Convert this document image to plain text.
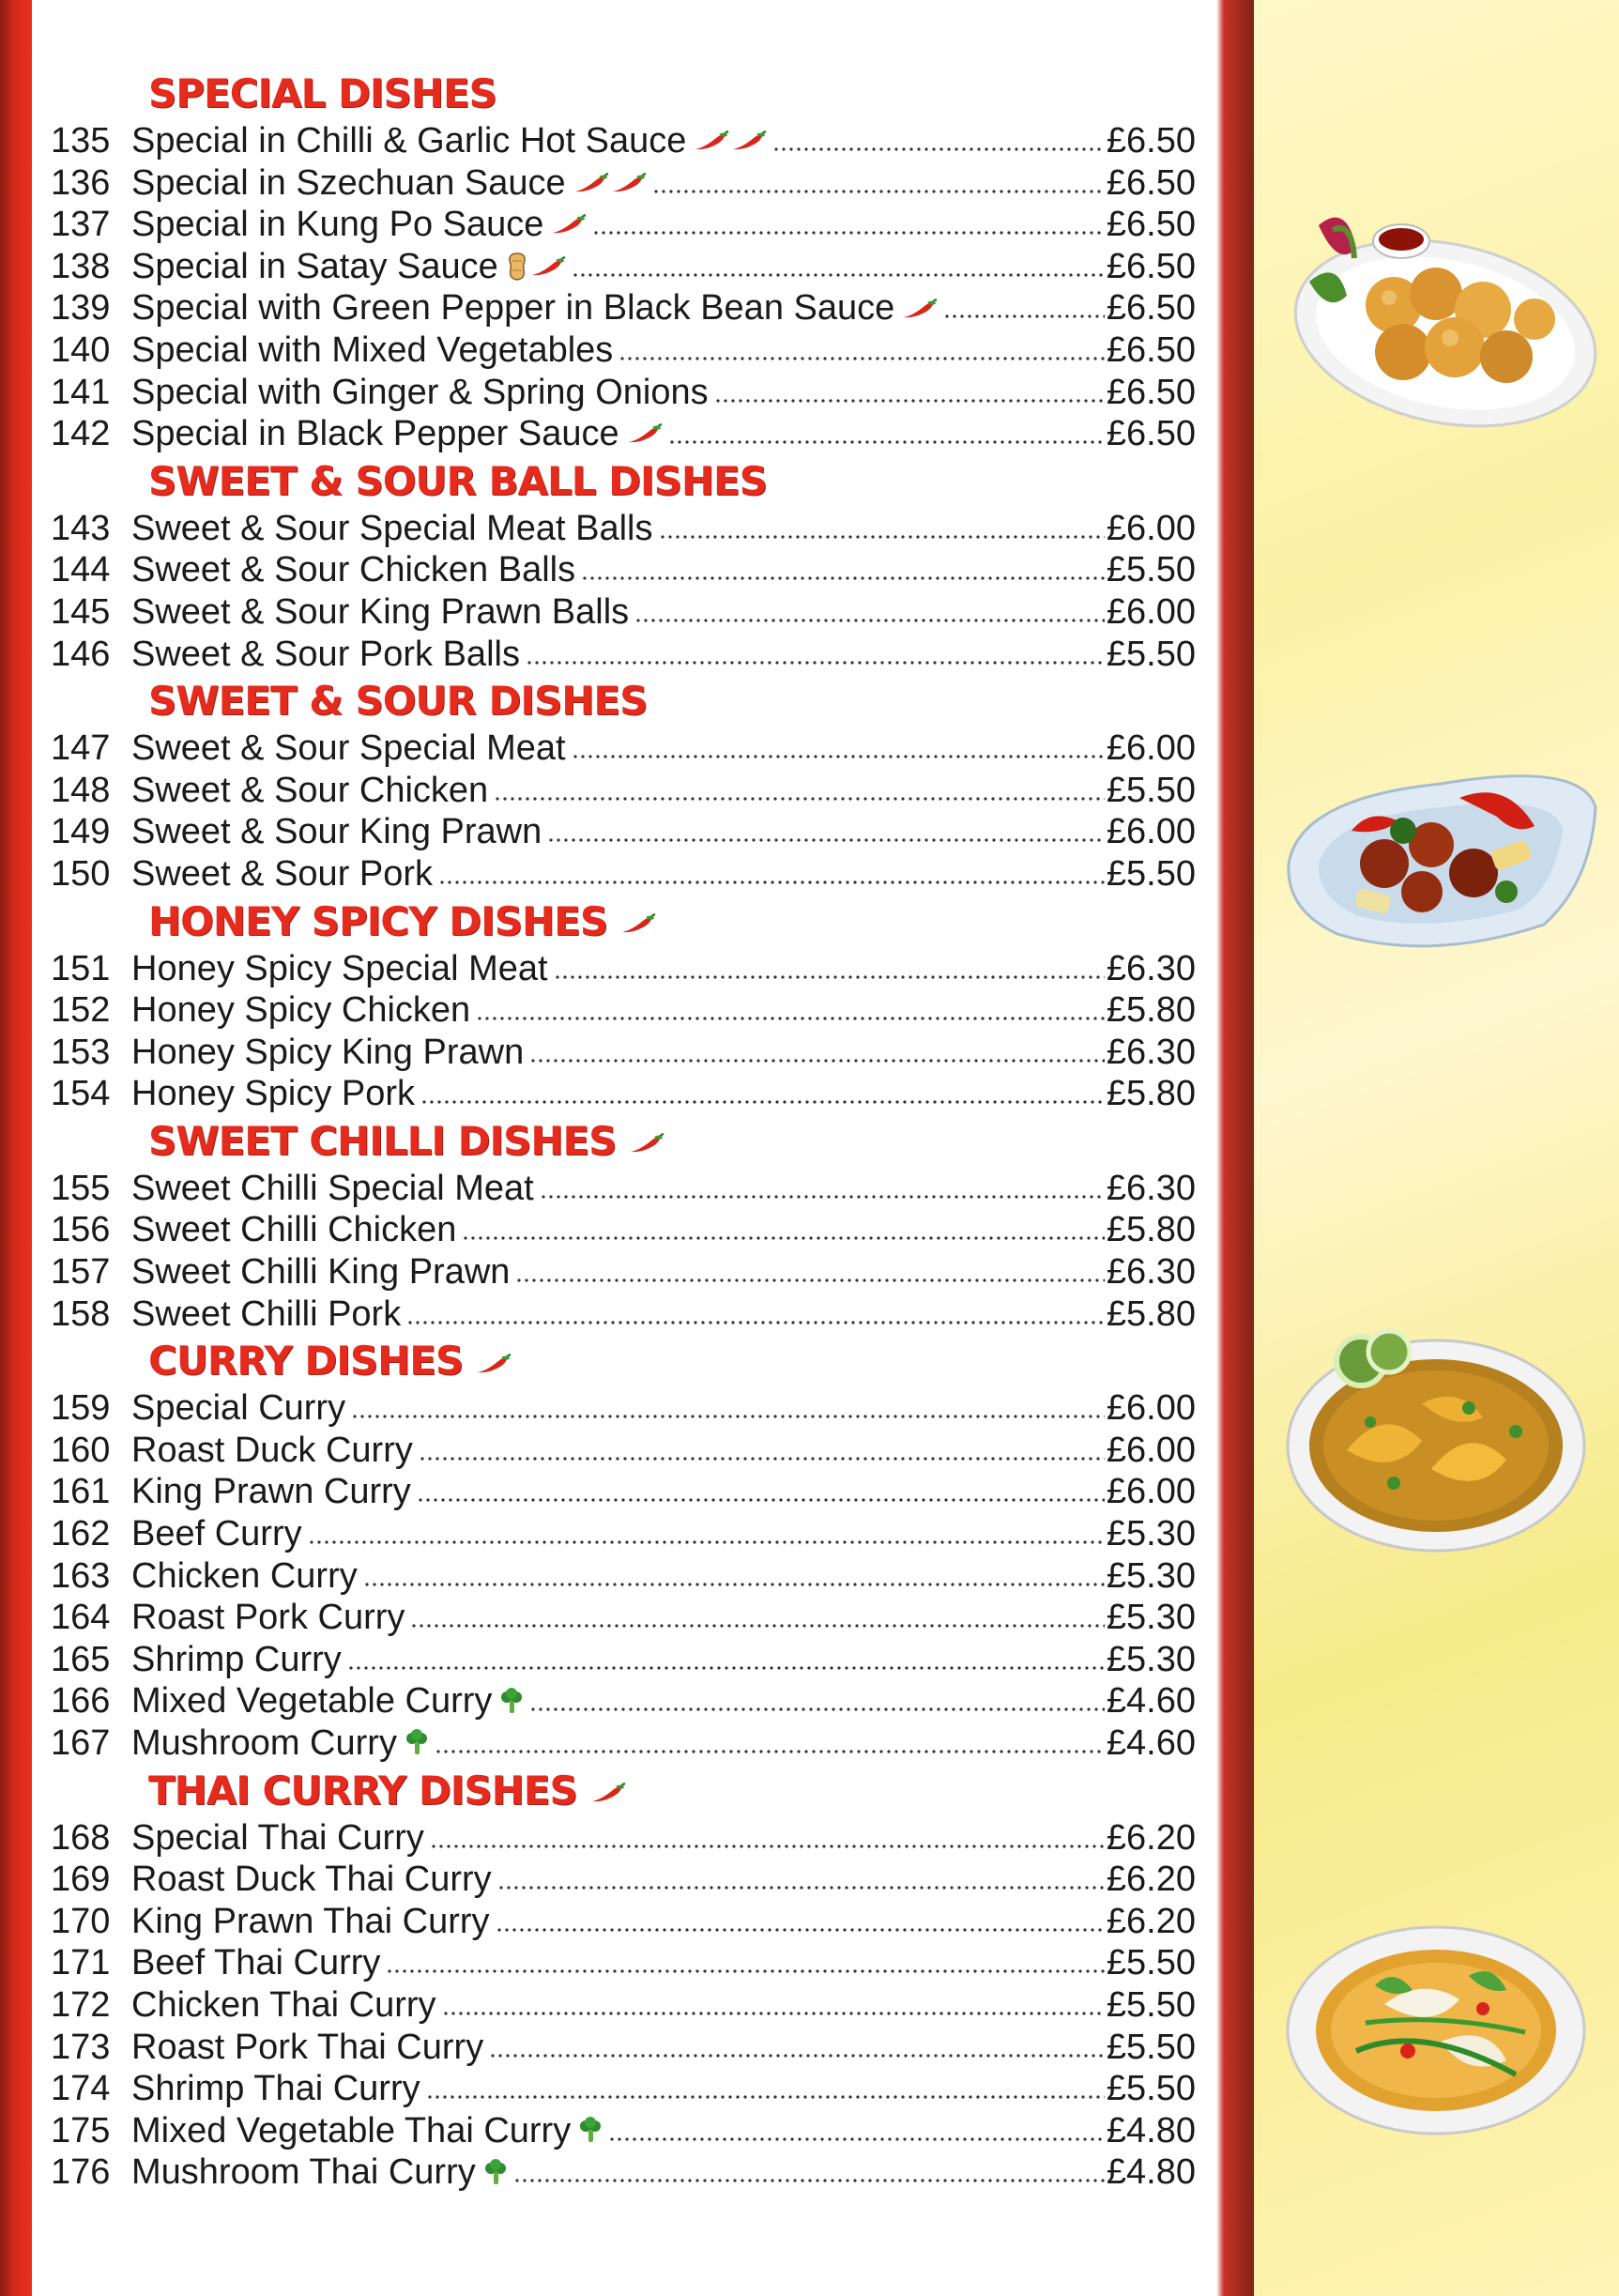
SPECIAL DISHES
135 Special in Chilli & Garlic Hot Sauce	£6.50
136 Special in Szechuan Sauce	£6.50
137 Special in Kung Po Sauce	£6.50
138 Special in Satay Sauce	£6.50
139 Special with Green Pepper in Black Bean Sauce	£6.50
140 Special with Mixed Vegetables	£6.50
141 Special with Ginger & Spring Onions	£6.50
142 Special in Black Pepper Sauce	£6.50
SWEET & SOUR BALL DISHES
143 Sweet & Sour Special Meat Balls	£6.00
144 Sweet & Sour Chicken Balls	£5.50
145 Sweet & Sour King Prawn Balls	£6.00
146 Sweet & Sour Pork Balls	£5.50
SWEET & SOUR DISHES
147 Sweet & Sour Special Meat	£6.00
148 Sweet & Sour Chicken	£5.50
149 Sweet & Sour King Prawn	£6.00
150 Sweet & Sour Pork	£5.50
HONEY SPICY DISHES
151 Honey Spicy Special Meat	£6.30
152 Honey Spicy Chicken	£5.80
153 Honey Spicy King Prawn	£6.30
154 Honey Spicy Pork	£5.80
SWEET CHILLI DISHES
155 Sweet Chilli Special Meat	£6.30
156 Sweet Chilli Chicken	£5.80
157 Sweet Chilli King Prawn	£6.30
158 Sweet Chilli Pork	£5.80
CURRY DISHES
159 Special Curry	£6.00
160 Roast Duck Curry	£6.00
161 King Prawn Curry	£6.00
162 Beef Curry	£5.30
163 Chicken Curry	£5.30
164 Roast Pork Curry	£5.30
165 Shrimp Curry	£5.30
166 Mixed Vegetable Curry	£4.60
167 Mushroom Curry	£4.60
THAI CURRY DISHES
168 Special Thai Curry	£6.20
169 Roast Duck Thai Curry	£6.20
170 King Prawn Thai Curry	£6.20
171 Beef Thai Curry	£5.50
172 Chicken Thai Curry	£5.50
173 Roast Pork Thai Curry	£5.50
174 Shrimp Thai Curry	£5.50
175 Mixed Vegetable Thai Curry	£4.80
176 Mushroom Thai Curry	£4.80
